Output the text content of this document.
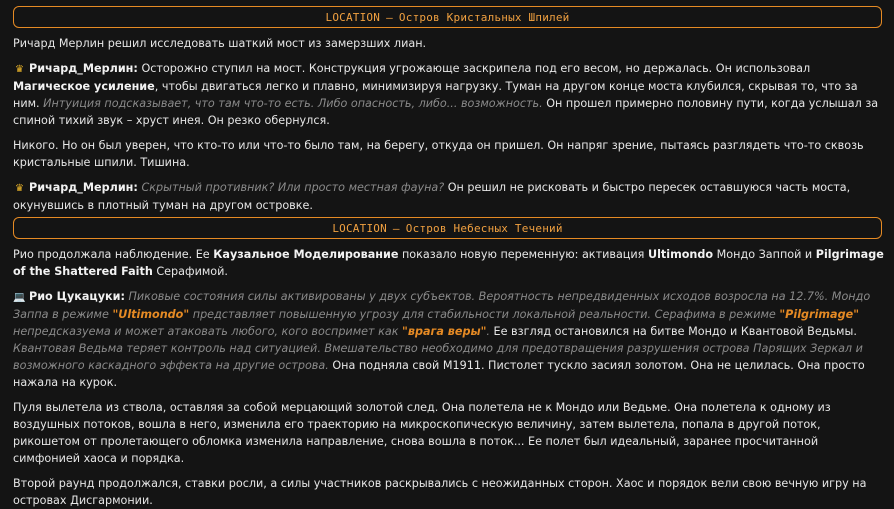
LOCATION – Остров Кристальных Шпилей
Ричард Мерлин решил исследовать шаткий мост из замерзших лиан.
♛ Ричард_Мерлин: Осторожно ступил на мост. Конструкция угрожающе заскрипела под его весом, но держалась. Он использовал Магическое усиление, чтобы двигаться легко и плавно, минимизируя нагрузку. Туман на другом конце моста клубился, скрывая то, что за ним. Интуиция подсказывает, что там что-то есть. Либо опасность, либо... возможность. Он прошел примерно половину пути, когда услышал за спиной тихий звук – хруст инея. Он резко обернулся.
Никого. Но он был уверен, что кто-то или что-то было там, на берегу, откуда он пришел. Он напряг зрение, пытаясь разглядеть что-то сквозь кристальные шпили. Тишина.
♛ Ричард_Мерлин: Скрытный противник? Или просто местная фауна? Он решил не рисковать и быстро пересек оставшуюся часть моста, окунувшись в плотный туман на другом островке.
LOCATION – Остров Небесных Течений
Рио продолжала наблюдение. Ее Каузальное Моделирование показало новую переменную: активация Ultimondo Мондо Заппой и Pilgrimage of the Shattered Faith Серафимой.
💻 Рио Цукацуки: Пиковые состояния силы активированы у двух субъектов. Вероятность непредвиденных исходов возросла на 12.7%. Мондо Заппа в режиме "Ultimondo" представляет повышенную угрозу для стабильности локальной реальности. Серафима в режиме "Pilgrimage" непредсказуема и может атаковать любого, кого воспримет как "врага веры". Ее взгляд остановился на битве Мондо и Квантовой Ведьмы. Квантовая Ведьма теряет контроль над ситуацией. Вмешательство необходимо для предотвращения разрушения острова Парящих Зеркал и возможного каскадного эффекта на другие острова. Она подняла свой M1911. Пистолет тускло засиял золотом. Она не целилась. Она просто нажала на курок.
Пуля вылетела из ствола, оставляя за собой мерцающий золотой след. Она полетела не к Мондо или Ведьме. Она полетела к одному из воздушных потоков, вошла в него, изменила его траекторию на микроскопическую величину, затем вылетела, попала в другой поток, рикошетом от пролетающего обломка изменила направление, снова вошла в поток... Ее полет был идеальный, заранее просчитанной симфонией хаоса и порядка.
Второй раунд продолжался, ставки росли, а силы участников раскрывались с неожиданных сторон. Хаос и порядок вели свою вечную игру на островах Дисгармонии.
